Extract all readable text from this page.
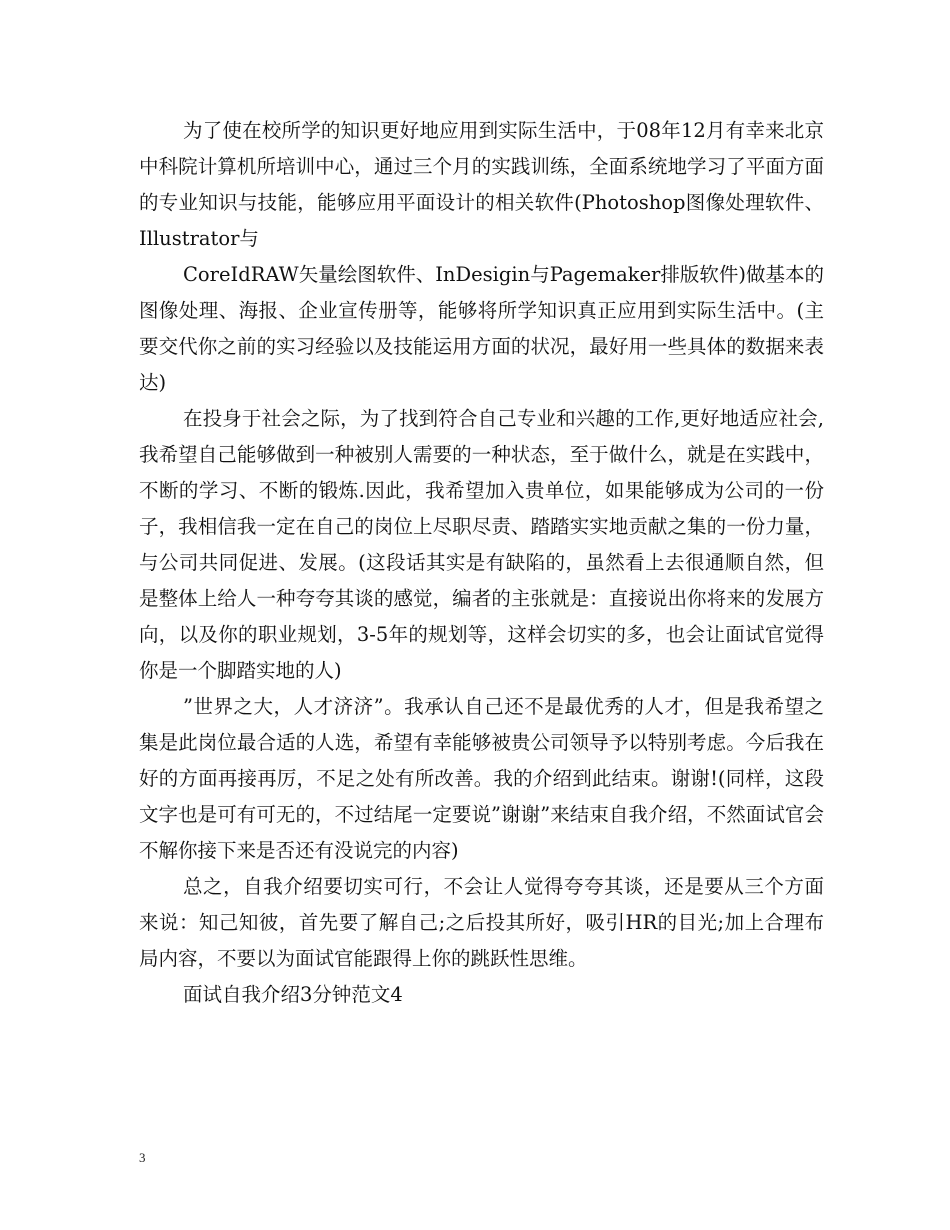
为了使在校所学的知识更好地应用到实际生活中，于08年12月有幸来北京中科院计算机所培训中心，通过三个月的实践训练，全面系统地学习了平面方面的专业知识与技能，能够应用平面设计的相关软件(Photoshop图像处理软件、Illustrator与

CoreIdRAW矢量绘图软件、InDesigin与Pagemaker排版软件)做基本的图像处理、海报、企业宣传册等，能够将所学知识真正应用到实际生活中。(主要交代你之前的实习经验以及技能运用方面的状况，最好用一些具体的数据来表达)

在投身于社会之际，为了找到符合自己专业和兴趣的工作,更好地适应社会,我希望自己能够做到一种被别人需要的一种状态，至于做什么，就是在实践中，不断的学习、不断的锻炼.因此，我希望加入贵单位，如果能够成为公司的一份子，我相信我一定在自己的岗位上尽职尽责、踏踏实实地贡献之集的一份力量，与公司共同促进、发展。(这段话其实是有缺陷的，虽然看上去很通顺自然，但是整体上给人一种夸夸其谈的感觉，编者的主张就是：直接说出你将来的发展方向，以及你的职业规划，3-5年的规划等，这样会切实的多，也会让面试官觉得你是一个脚踏实地的人)

”世界之大，人才济济”。我承认自己还不是最优秀的人才，但是我希望之集是此岗位最合适的人选，希望有幸能够被贵公司领导予以特别考虑。今后我在好的方面再接再厉，不足之处有所改善。我的介绍到此结束。谢谢!(同样，这段文字也是可有可无的，不过结尾一定要说”谢谢”来结束自我介绍，不然面试官会不解你接下来是否还有没说完的内容)

总之，自我介绍要切实可行，不会让人觉得夸夸其谈，还是要从三个方面来说：知己知彼，首先要了解自己;之后投其所好，吸引HR的目光;加上合理布局内容，不要以为面试官能跟得上你的跳跃性思维。

面试自我介绍3分钟范文4

3
